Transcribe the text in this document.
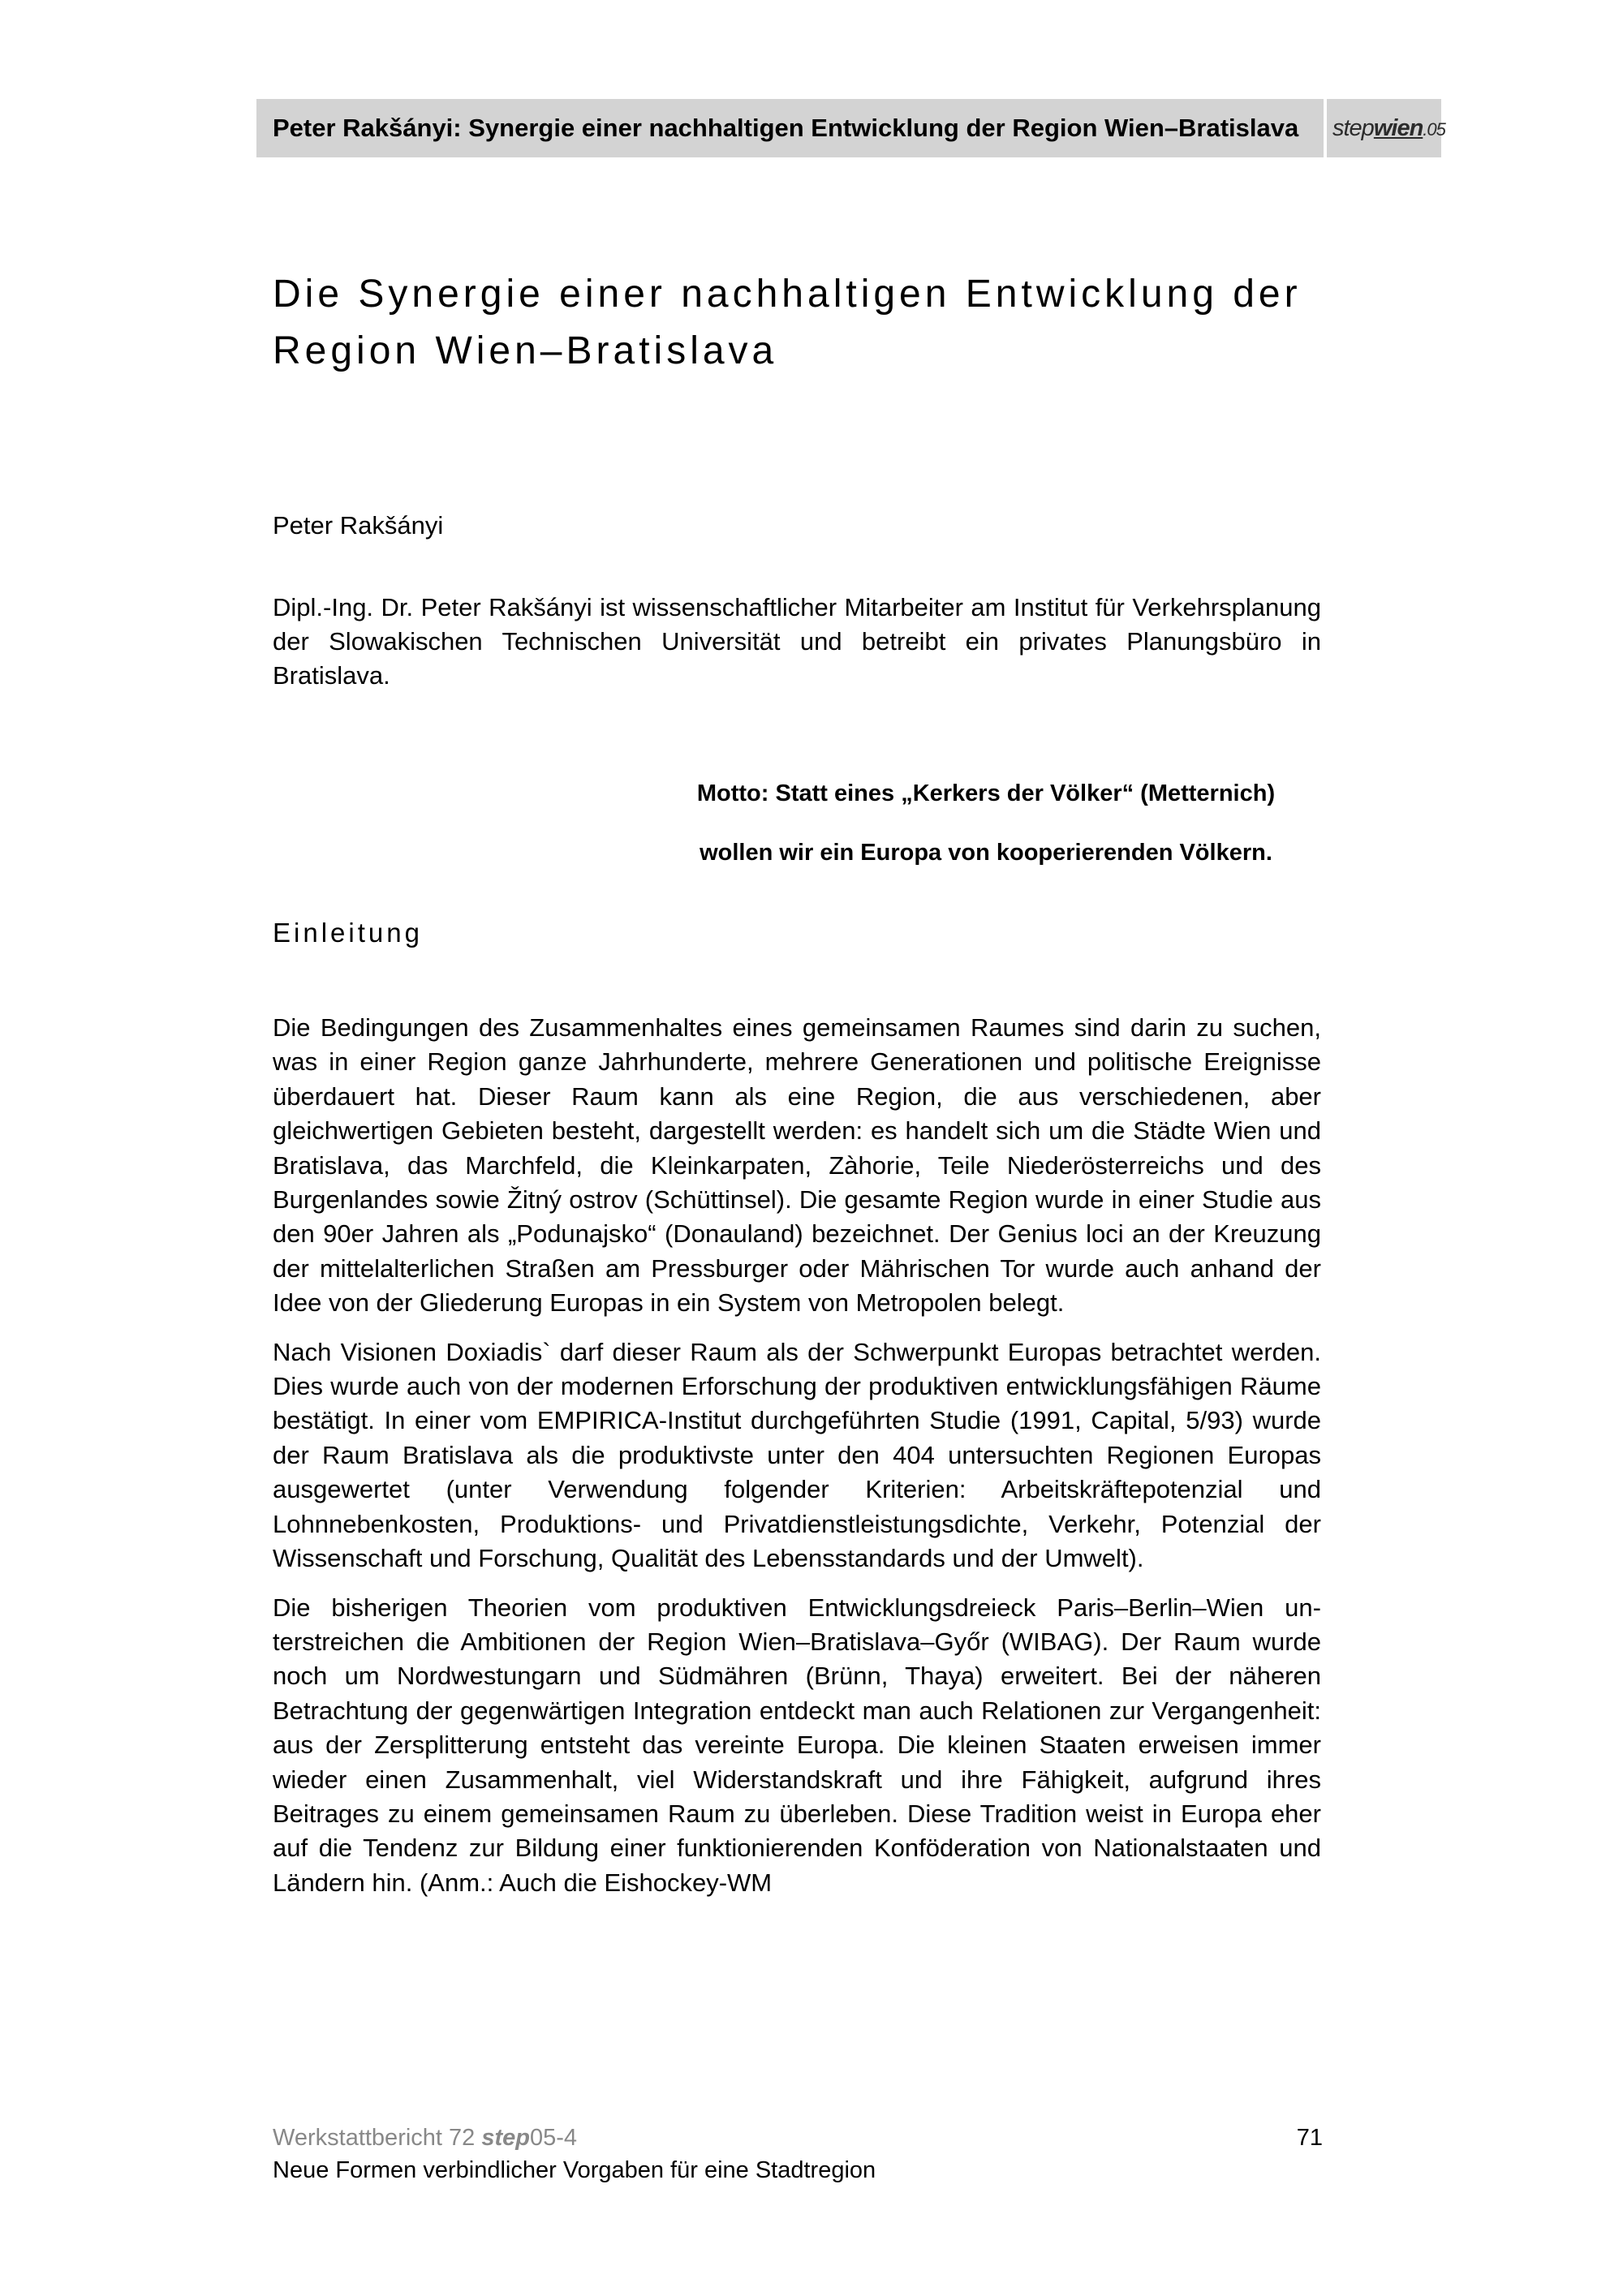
Peter Rakšányi: Synergie einer nachhaltigen Entwicklung der Region Wien–Bratislava stepwien.05
Die Synergie einer nachhaltigen Entwicklung der
Region Wien–Bratislava
Peter Rakšányi
Dipl.-Ing. Dr. Peter Rakšányi ist wissenschaftlicher Mitarbeiter am Institut für Verkehrsplanung der Slowakischen Technischen Universität und betreibt ein privates Planungsbüro in Bratislava.
Motto: Statt eines „Kerkers der Völker“ (Metternich)
wollen wir ein Europa von kooperierenden Völkern.
Einleitung

Die Bedingungen des Zusammenhaltes eines gemeinsamen Raumes sind darin zu suchen, was in einer Region ganze Jahrhunderte, mehrere Generationen und politische Ereignisse überdauert hat. Dieser Raum kann als eine Region, die aus verschiedenen, aber gleichwertigen Gebieten besteht, dargestellt werden: es handelt sich um die Städte Wien und Bratislava, das Marchfeld, die Kleinkarpaten, Zàhorie, Teile Niederösterreichs und des Burgenlandes sowie Žitný ostrov (Schüttinsel). Die gesamte Region wurde in einer Studie aus den 90er Jahren als „Podunajsko“ (Donauland) bezeichnet. Der Genius loci an der Kreuzung der mittelalterlichen Straßen am Pressburger oder Mährischen Tor wurde auch anhand der Idee von der Gliederung Europas in ein System von Metropolen belegt.

Nach Visionen Doxiadis` darf dieser Raum als der Schwerpunkt Europas betrachtet werden. Dies wurde auch von der modernen Erforschung der produktiven entwicklungsfähigen Räume bestätigt. In einer vom EMPIRICA-Institut durchgeführten Studie (1991, Capital, 5/93) wurde der Raum Bratislava als die produktivste unter den 404 untersuchten Regionen Europas ausgewertet (unter Verwendung folgender Kriterien: Arbeitskräftepotenzial und Lohnnebenkosten, Produktions- und Privatdienstleistungsdichte, Verkehr, Potenzial der Wissenschaft und Forschung, Qualität des Lebensstandards und der Umwelt).

Die bisherigen Theorien vom produktiven Entwicklungsdreieck Paris–Berlin–Wien unterstreichen die Ambitionen der Region Wien–Bratislava–Győr (WIBAG). Der Raum wurde noch um Nordwestungarn und Südmähren (Brünn, Thaya) erweitert. Bei der näheren Betrachtung der gegenwärtigen Integration entdeckt man auch Relationen zur Vergangenheit: aus der Zersplitterung entsteht das vereinte Europa. Die kleinen Staaten erweisen immer wieder einen Zusammenhalt, viel Widerstandskraft und ihre Fähigkeit, aufgrund ihres Beitrages zu einem gemeinsamen Raum zu überleben. Diese Tradition weist in Europa eher auf die Tendenz zur Bildung einer funktionierenden Konföderation von Nationalstaaten und Ländern hin. (Anm.: Auch die Eishockey-WM

Werkstattbericht 72 step05-4
Neue Formen verbindlicher Vorgaben für eine Stadtregion
71
